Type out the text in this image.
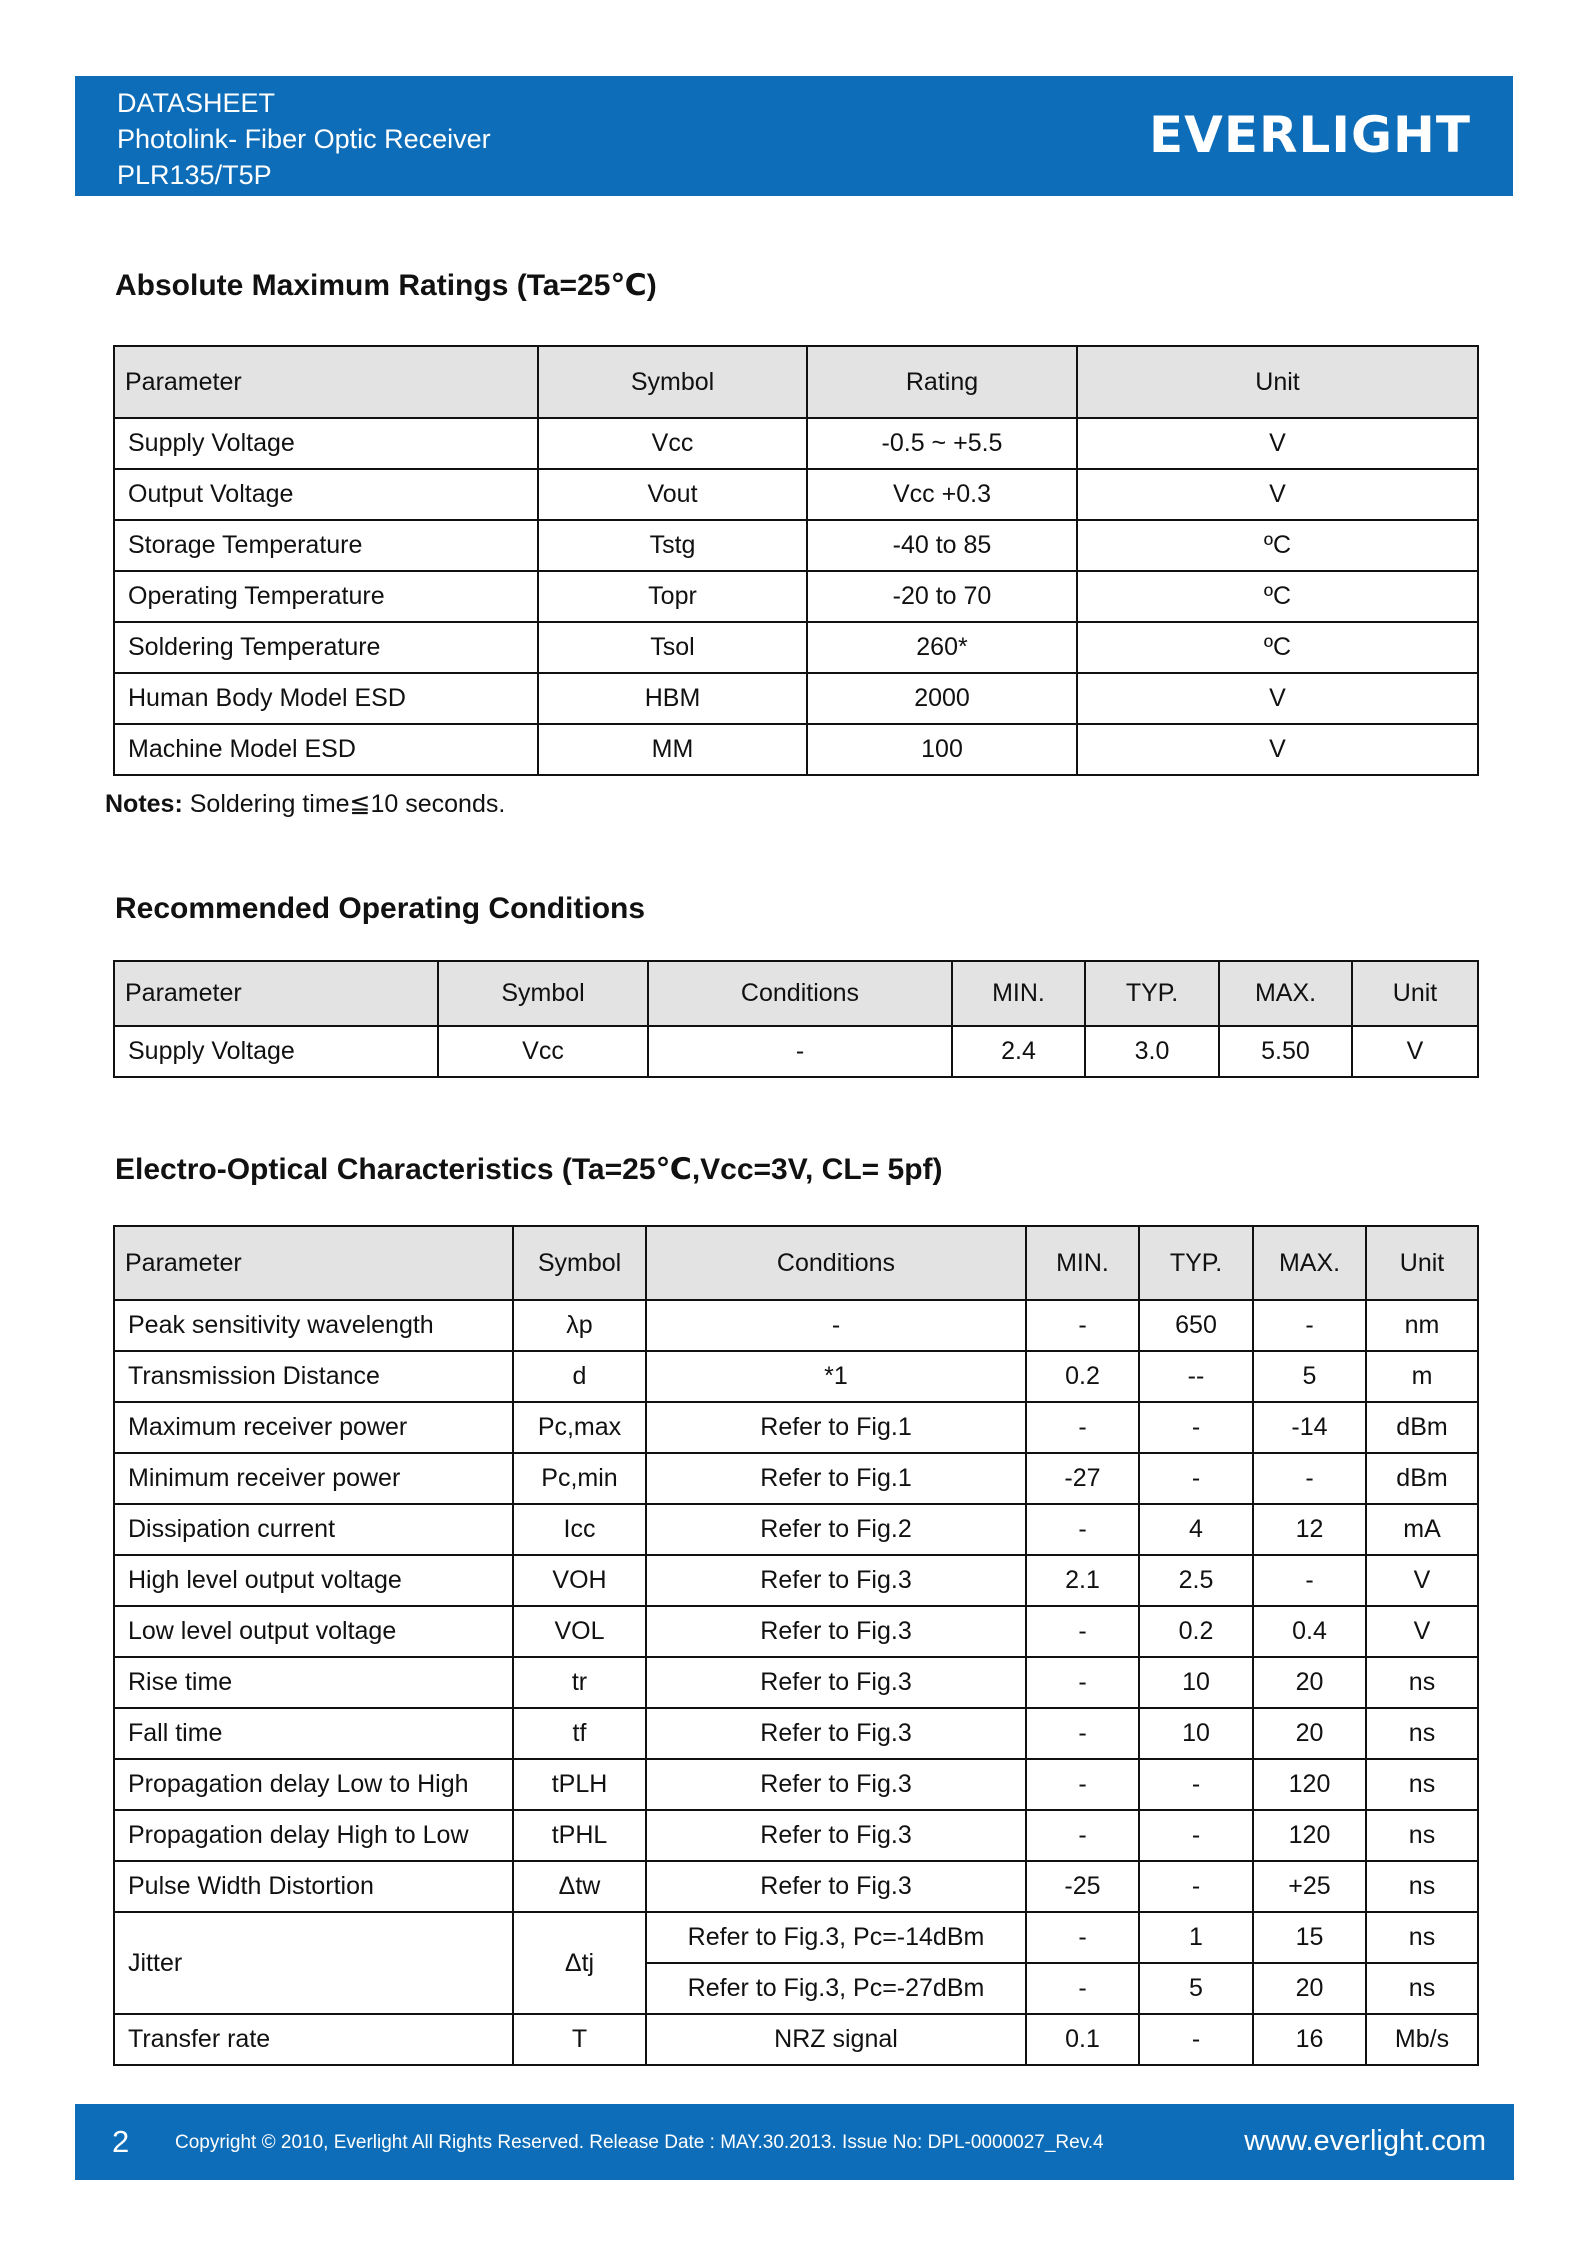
DATASHEET
Photolink- Fiber Optic Receiver
PLR135/T5P
EVERLIGHT
Absolute Maximum Ratings (Ta=25℃)
Parameter	Symbol	Rating	Unit
Supply Voltage	Vcc	-0.5 ~ +5.5	V
Output Voltage	Vout	Vcc +0.3	V
Storage Temperature	Tstg	-40 to 85	ºC
Operating Temperature	Topr	-20 to 70	ºC
Soldering Temperature	Tsol	260*	ºC
Human Body Model ESD	HBM	2000	V
Machine Model ESD	MM	100	V
Notes: Soldering time≦10 seconds.
Recommended Operating Conditions
Parameter	Symbol	Conditions	MIN.	TYP.	MAX.	Unit
Supply Voltage	Vcc	-	2.4	3.0	5.50	V
Electro-Optical Characteristics (Ta=25℃,Vcc=3V, CL= 5pf)
Parameter	Symbol	Conditions	MIN.	TYP.	MAX.	Unit
Peak sensitivity wavelength	λp	-	-	650	-	nm
Transmission Distance	d	*1	0.2	--	5	m
Maximum receiver power	Pc,max	Refer to Fig.1	-	-	-14	dBm
Minimum receiver power	Pc,min	Refer to Fig.1	-27	-	-	dBm
Dissipation current	Icc	Refer to Fig.2	-	4	12	mA
High level output voltage	VOH	Refer to Fig.3	2.1	2.5	-	V
Low level output voltage	VOL	Refer to Fig.3	-	0.2	0.4	V
Rise time	tr	Refer to Fig.3	-	10	20	ns
Fall time	tf	Refer to Fig.3	-	10	20	ns
Propagation delay Low to High	tPLH	Refer to Fig.3	-	-	120	ns
Propagation delay High to Low	tPHL	Refer to Fig.3	-	-	120	ns
Pulse Width Distortion	Δtw	Refer to Fig.3	-25	-	+25	ns
Jitter	Δtj	Refer to Fig.3, Pc=-14dBm	-	1	15	ns
		Refer to Fig.3, Pc=-27dBm	-	5	20	ns
Transfer rate	T	NRZ signal	0.1	-	16	Mb/s
2 Copyright © 2010, Everlight All Rights Reserved. Release Date : MAY.30.2013. Issue No: DPL-0000027_Rev.4	www.everlight.com
